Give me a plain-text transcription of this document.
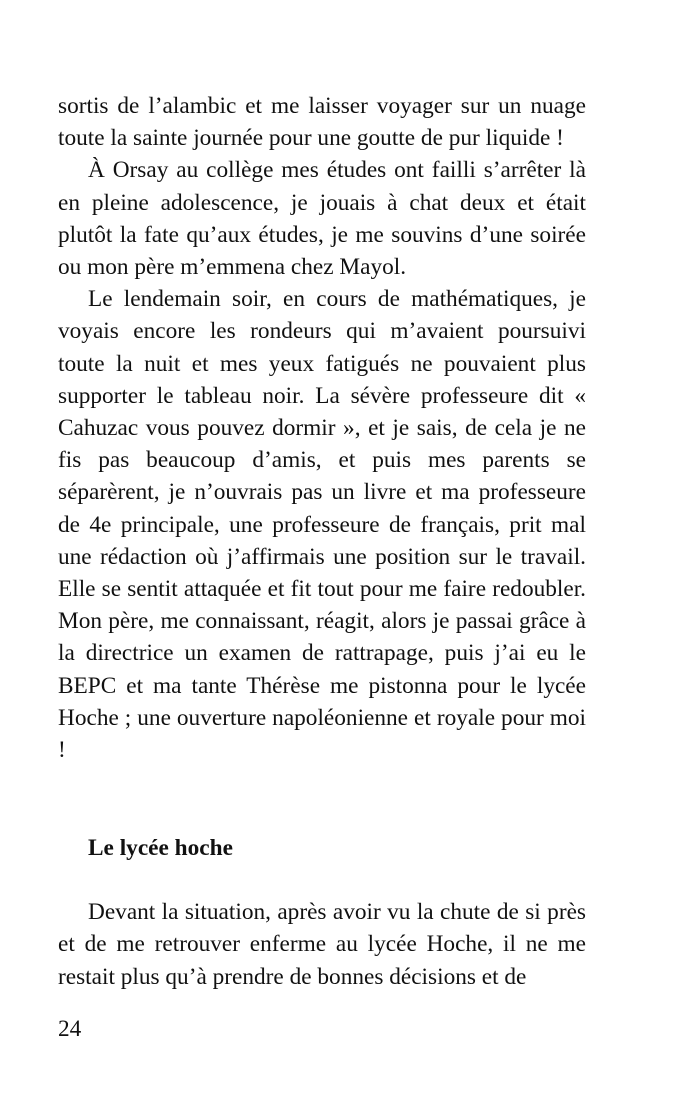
sortis de l’alambic et me laisser voyager sur un nuage toute la sainte journée pour une goutte de pur liquide !

À Orsay au collège mes études ont failli s’arrêter là en pleine adolescence, je jouais à chat deux et était plutôt la fate qu’aux études, je me souvins d’une soirée ou mon père m’emmena chez Mayol.

Le lendemain soir, en cours de mathématiques, je voyais encore les rondeurs qui m’avaient poursuivi toute la nuit et mes yeux fatigués ne pouvaient plus supporter le tableau noir. La sévère professeure dit « Cahuzac vous pouvez dormir », et je sais, de cela je ne fis pas beaucoup d’amis, et puis mes parents se séparèrent, je n’ouvrais pas un livre et ma professeure de 4e principale, une professeure de français, prit mal une rédaction où j’affirmais une position sur le travail. Elle se sentit attaquée et fit tout pour me faire redoubler. Mon père, me connaissant, réagit, alors je passai grâce à la directrice un examen de rattrapage, puis j’ai eu le BEPC et ma tante Thérèse me pistonna pour le lycée Hoche ; une ouverture napoléonienne et royale pour moi !

Le lycée hoche

Devant la situation, après avoir vu la chute de si près et de me retrouver enferme au lycée Hoche, il ne me restait plus qu’à prendre de bonnes décisions et de

24
